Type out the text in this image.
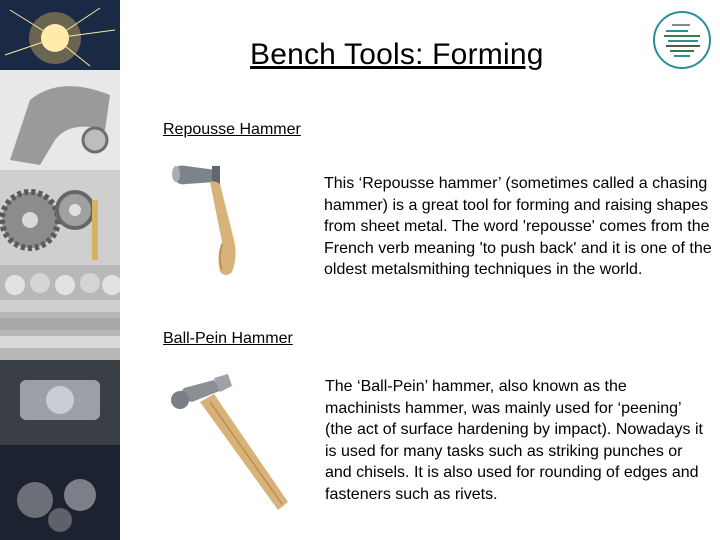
Bench Tools: Forming
Repousse Hammer

This ‘Repousse hammer’ (sometimes called a chasing hammer) is a great tool for forming and raising shapes from sheet metal. The word 'repousse' comes from the French verb meaning 'to push back' and it is one of the oldest metalsmithing techniques in the world.

Ball-Pein Hammer

The ‘Ball-Pein’ hammer, also known as the machinists hammer, was mainly used for ‘peening’ (the act of surface hardening by impact). Nowadays it is used for many tasks such as striking punches or and chisels. It is also used for rounding of edges and fasteners such as rivets.
